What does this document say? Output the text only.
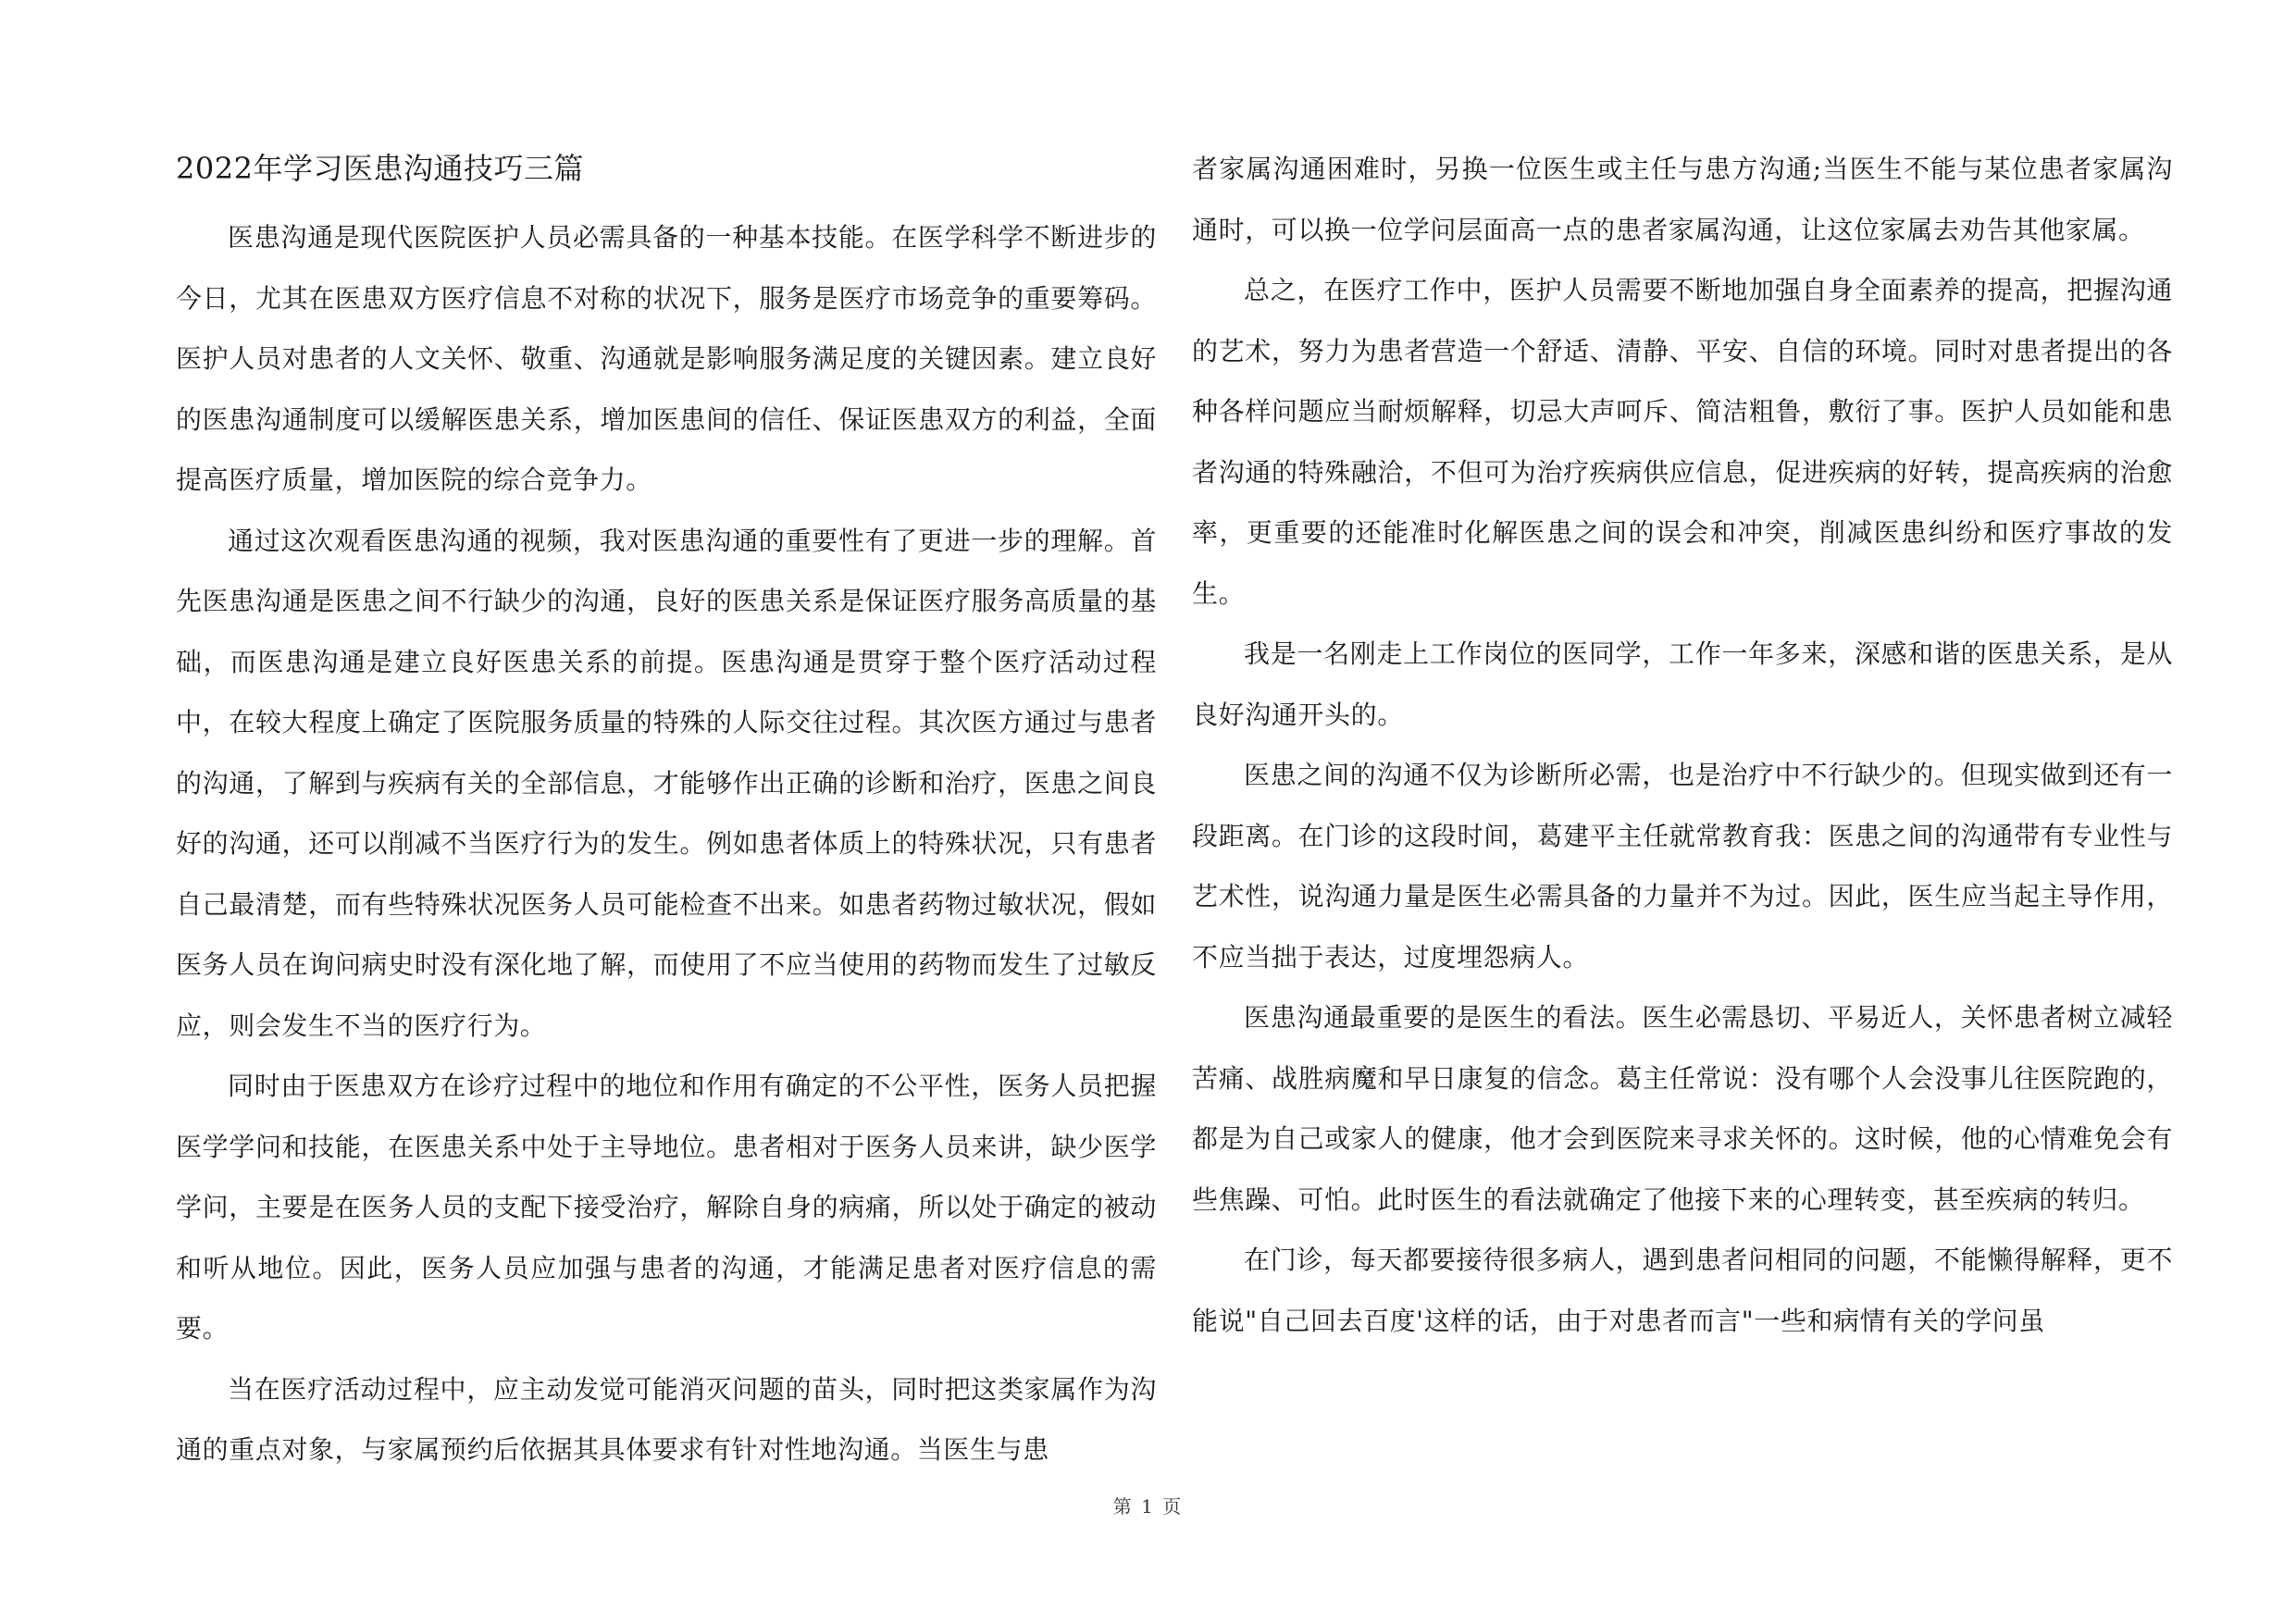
2022年学习医患沟通技巧三篇

医患沟通是现代医院医护人员必需具备的一种基本技能。在医学科学不断进步的今日，尤其在医患双方医疗信息不对称的状况下，服务是医疗市场竞争的重要筹码。医护人员对患者的人文关怀、敬重、沟通就是影响服务满足度的关键因素。建立良好的医患沟通制度可以缓解医患关系，增加医患间的信任、保证医患双方的利益，全面提高医疗质量，增加医院的综合竞争力。

通过这次观看医患沟通的视频，我对医患沟通的重要性有了更进一步的理解。首先医患沟通是医患之间不行缺少的沟通，良好的医患关系是保证医疗服务高质量的基础，而医患沟通是建立良好医患关系的前提。医患沟通是贯穿于整个医疗活动过程中，在较大程度上确定了医院服务质量的特殊的人际交往过程。其次医方通过与患者的沟通，了解到与疾病有关的全部信息，才能够作出正确的诊断和治疗，医患之间良好的沟通，还可以削减不当医疗行为的发生。例如患者体质上的特殊状况，只有患者自己最清楚，而有些特殊状况医务人员可能检查不出来。如患者药物过敏状况，假如医务人员在询问病史时没有深化地了解，而使用了不应当使用的药物而发生了过敏反应，则会发生不当的医疗行为。

同时由于医患双方在诊疗过程中的地位和作用有确定的不公平性，医务人员把握医学学问和技能，在医患关系中处于主导地位。患者相对于医务人员来讲，缺少医学学问，主要是在医务人员的支配下接受治疗，解除自身的病痛，所以处于确定的被动和听从地位。因此，医务人员应加强与患者的沟通，才能满足患者对医疗信息的需要。

当在医疗活动过程中，应主动发觉可能消灭问题的苗头，同时把这类家属作为沟通的重点对象，与家属预约后依据其具体要求有针对性地沟通。当医生与患

者家属沟通困难时，另换一位医生或主任与患方沟通;当医生不能与某位患者家属沟通时，可以换一位学问层面高一点的患者家属沟通，让这位家属去劝告其他家属。

总之，在医疗工作中，医护人员需要不断地加强自身全面素养的提高，把握沟通的艺术，努力为患者营造一个舒适、清静、平安、自信的环境。同时对患者提出的各种各样问题应当耐烦解释，切忌大声呵斥、简洁粗鲁，敷衍了事。医护人员如能和患者沟通的特殊融洽，不但可为治疗疾病供应信息，促进疾病的好转，提高疾病的治愈率，更重要的还能准时化解医患之间的误会和冲突，削减医患纠纷和医疗事故的发生。

我是一名刚走上工作岗位的医同学，工作一年多来，深感和谐的医患关系，是从良好沟通开头的。

医患之间的沟通不仅为诊断所必需，也是治疗中不行缺少的。但现实做到还有一段距离。在门诊的这段时间，葛建平主任就常教育我：医患之间的沟通带有专业性与艺术性，说沟通力量是医生必需具备的力量并不为过。因此，医生应当起主导作用，不应当拙于表达，过度埋怨病人。

医患沟通最重要的是医生的看法。医生必需恳切、平易近人，关怀患者树立减轻苦痛、战胜病魔和早日康复的信念。葛主任常说：没有哪个人会没事儿往医院跑的，都是为自己或家人的健康，他才会到医院来寻求关怀的。这时候，他的心情难免会有些焦躁、可怕。此时医生的看法就确定了他接下来的心理转变，甚至疾病的转归。

在门诊，每天都要接待很多病人，遇到患者问相同的问题，不能懒得解释，更不能说"自己回去百度'这样的话，由于对患者而言"一些和病情有关的学问虽

第 1 页
